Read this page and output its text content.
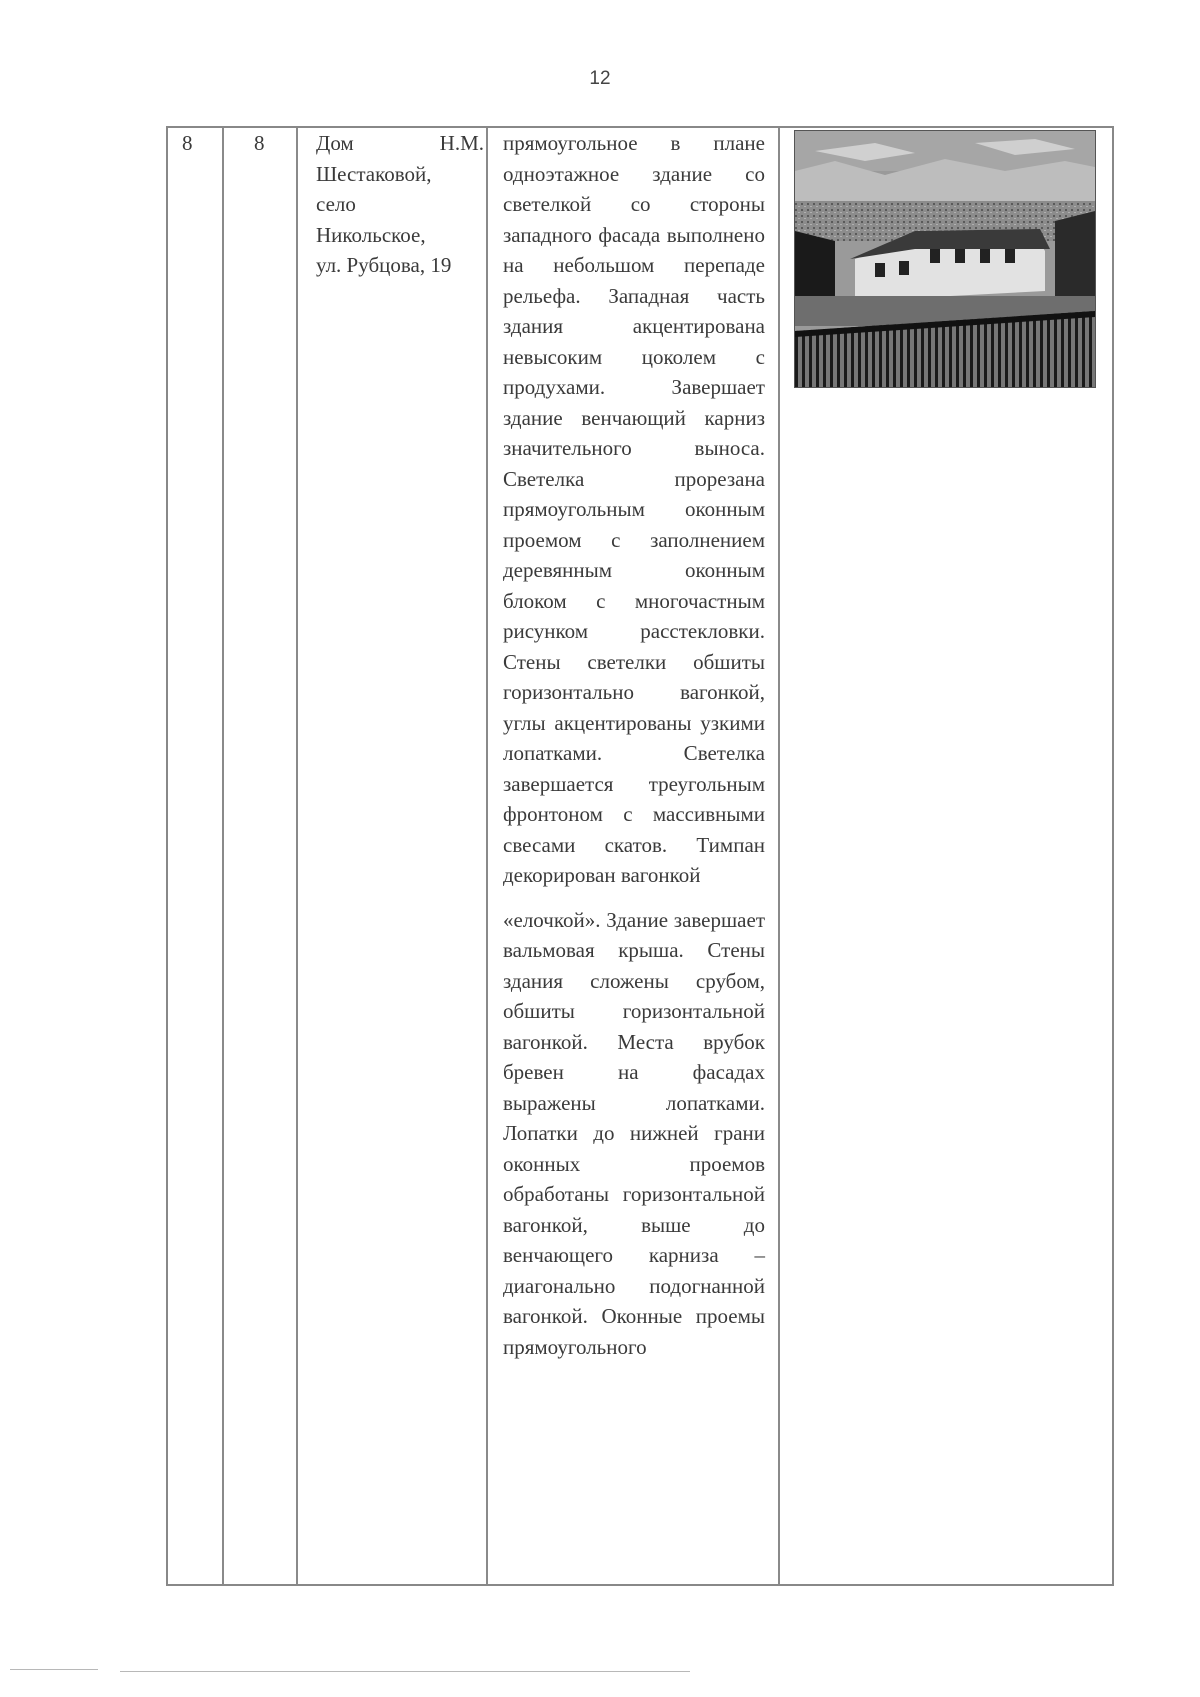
12
8	8 Дом	Н.М.
Шестаковой,
село
Никольское,
ул. Рубцова, 19

прямоугольное в плане одноэтажное здание со светелкой со стороны западного фасада выполнено на небольшом перепаде рельефа. Западная часть здания акцентирована невысоким цоколем с продухами. Завершает здание венчающий карниз значительного выноса. Светелка прорезана прямоугольным оконным проемом с заполнением деревянным оконным блоком с многочастным рисунком расстекловки. Стены светелки обшиты горизонтально вагонкой, углы акцентированы узкими лопатками. Светелка завершается треугольным фронтоном с массивными свесами скатов. Тимпан декорирован вагонкой

«елочкой». Здание завершает вальмовая крыша. Стены здания сложены срубом, обшиты горизонтальной вагонкой. Места врубок бревен на фасадах выражены лопатками. Лопатки до нижней грани оконных проемов обработаны горизонтальной вагонкой, выше до венчающего карниза – диагонально подогнанной вагонкой. Оконные проемы прямоугольного
